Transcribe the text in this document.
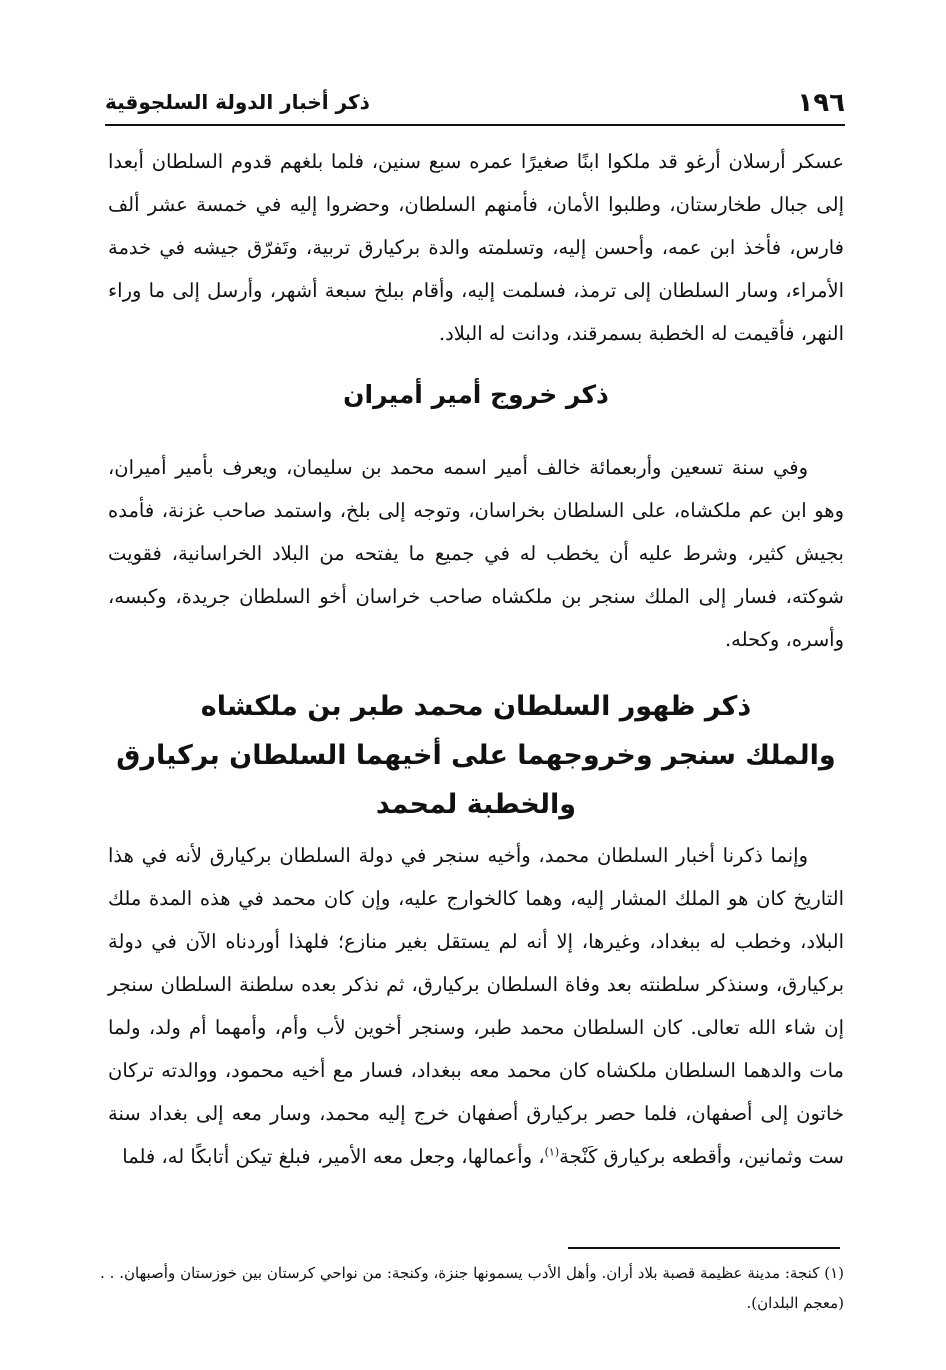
١٩٦
ذكر أخبار الدولة السلجوقية
عسكر أرسلان أرغو قد ملكوا ابنًا صغيرًا عمره سبع سنين، فلما بلغهم قدوم السلطان أبعدا إلى جبال طخارستان، وطلبوا الأمان، فأمنهم السلطان، وحضروا إليه في خمسة عشر ألف فارس، فأخذ ابن عمه، وأحسن إليه، وتسلمته والدة بركيارق تربية، وتَفرّق جيشه في خدمة الأمراء، وسار السلطان إلى ترمذ، فسلمت إليه، وأقام ببلخ سبعة أشهر، وأرسل إلى ما وراء النهر، فأقيمت له الخطبة بسمرقند، ودانت له البلاد.
ذكر خروج أمير أميران
وفي سنة تسعين وأربعمائة خالف أمير اسمه محمد بن سليمان، ويعرف بأمير أميران، وهو ابن عم ملكشاه، على السلطان بخراسان، وتوجه إلى بلخ، واستمد صاحب غزنة، فأمده بجيش كثير، وشرط عليه أن يخطب له في جميع ما يفتحه من البلاد الخراسانية، فقويت شوكته، فسار إلى الملك سنجر بن ملكشاه صاحب خراسان أخو السلطان جريدة، وكبسه، وأسره، وكحله.
ذكر ظهور السلطان محمد طبر بن ملكشاه
والملك سنجر وخروجهما على أخيهما السلطان بركيارق
والخطبة لمحمد
وإنما ذكرنا أخبار السلطان محمد، وأخيه سنجر في دولة السلطان بركيارق لأنه في هذا التاريخ كان هو الملك المشار إليه، وهما كالخوارج عليه، وإن كان محمد في هذه المدة ملك البلاد، وخطب له ببغداد، وغيرها، إلا أنه لم يستقل بغير منازع؛ فلهذا أوردناه الآن في دولة بركيارق، وسنذكر سلطنته بعد وفاة السلطان بركيارق، ثم نذكر بعده سلطنة السلطان سنجر إن شاء الله تعالى. كان السلطان محمد طبر، وسنجر أخوين لأب وأم، وأمهما أم ولد، ولما مات والدهما السلطان ملكشاه كان محمد معه ببغداد، فسار مع أخيه محمود، ووالدته تركان خاتون إلى أصفهان، فلما حصر بركيارق أصفهان خرج إليه محمد، وسار معه إلى بغداد سنة ست وثمانين، وأقطعه بركيارق كَنْجة$^{(١)}$، وأعمالها، وجعل معه الأمير، فبلغ تيكن أتابكًا له، فلما
(١) كنجة: مدينة عظيمة قصبة بلاد أران. وأهل الأدب يسمونها جنزة، وكنجة: من نواحي كرستان بين خوزستان وأصبهان. . . (معجم البلدان).
